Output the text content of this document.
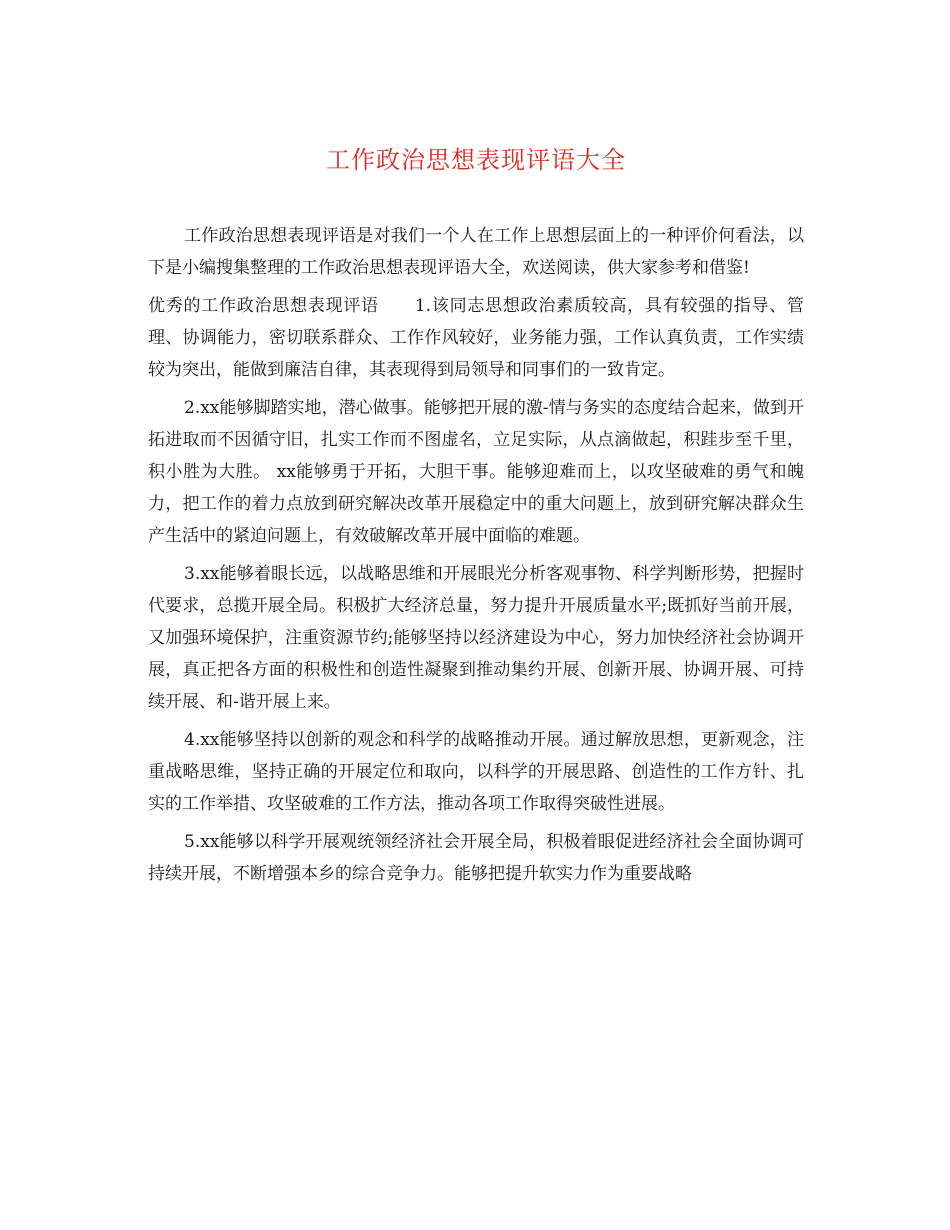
工作政治思想表现评语大全

工作政治思想表现评语是对我们一个人在工作上思想层面上的一种评价何看法，以下是小编搜集整理的工作政治思想表现评语大全，欢送阅读，供大家参考和借鉴!

优秀的工作政治思想表现评语 1.该同志思想政治素质较高，具有较强的指导、管理、协调能力，密切联系群众、工作作风较好，业务能力强，工作认真负责，工作实绩较为突出，能做到廉洁自律，其表现得到局领导和同事们的一致肯定。

2.xx能够脚踏实地，潜心做事。能够把开展的激-情与务实的态度结合起来，做到开拓进取而不因循守旧，扎实工作而不图虚名，立足实际，从点滴做起，积跬步至千里，积小胜为大胜。 xx能够勇于开拓，大胆干事。能够迎难而上，以攻坚破难的勇气和魄力，把工作的着力点放到研究解决改革开展稳定中的重大问题上，放到研究解决群众生产生活中的紧迫问题上，有效破解改革开展中面临的难题。

3.xx能够着眼长远，以战略思维和开展眼光分析客观事物、科学判断形势，把握时代要求，总揽开展全局。积极扩大经济总量，努力提升开展质量水平;既抓好当前开展，又加强环境保护，注重资源节约;能够坚持以经济建设为中心，努力加快经济社会协调开展，真正把各方面的积极性和创造性凝聚到推动集约开展、创新开展、协调开展、可持续开展、和-谐开展上来。

4.xx能够坚持以创新的观念和科学的战略推动开展。通过解放思想，更新观念，注重战略思维，坚持正确的开展定位和取向，以科学的开展思路、创造性的工作方针、扎实的工作举措、攻坚破难的工作方法，推动各项工作取得突破性进展。

5.xx能够以科学开展观统领经济社会开展全局，积极着眼促进经济社会全面协调可持续开展，不断增强本乡的综合竞争力。能够把提升软实力作为重要战略
